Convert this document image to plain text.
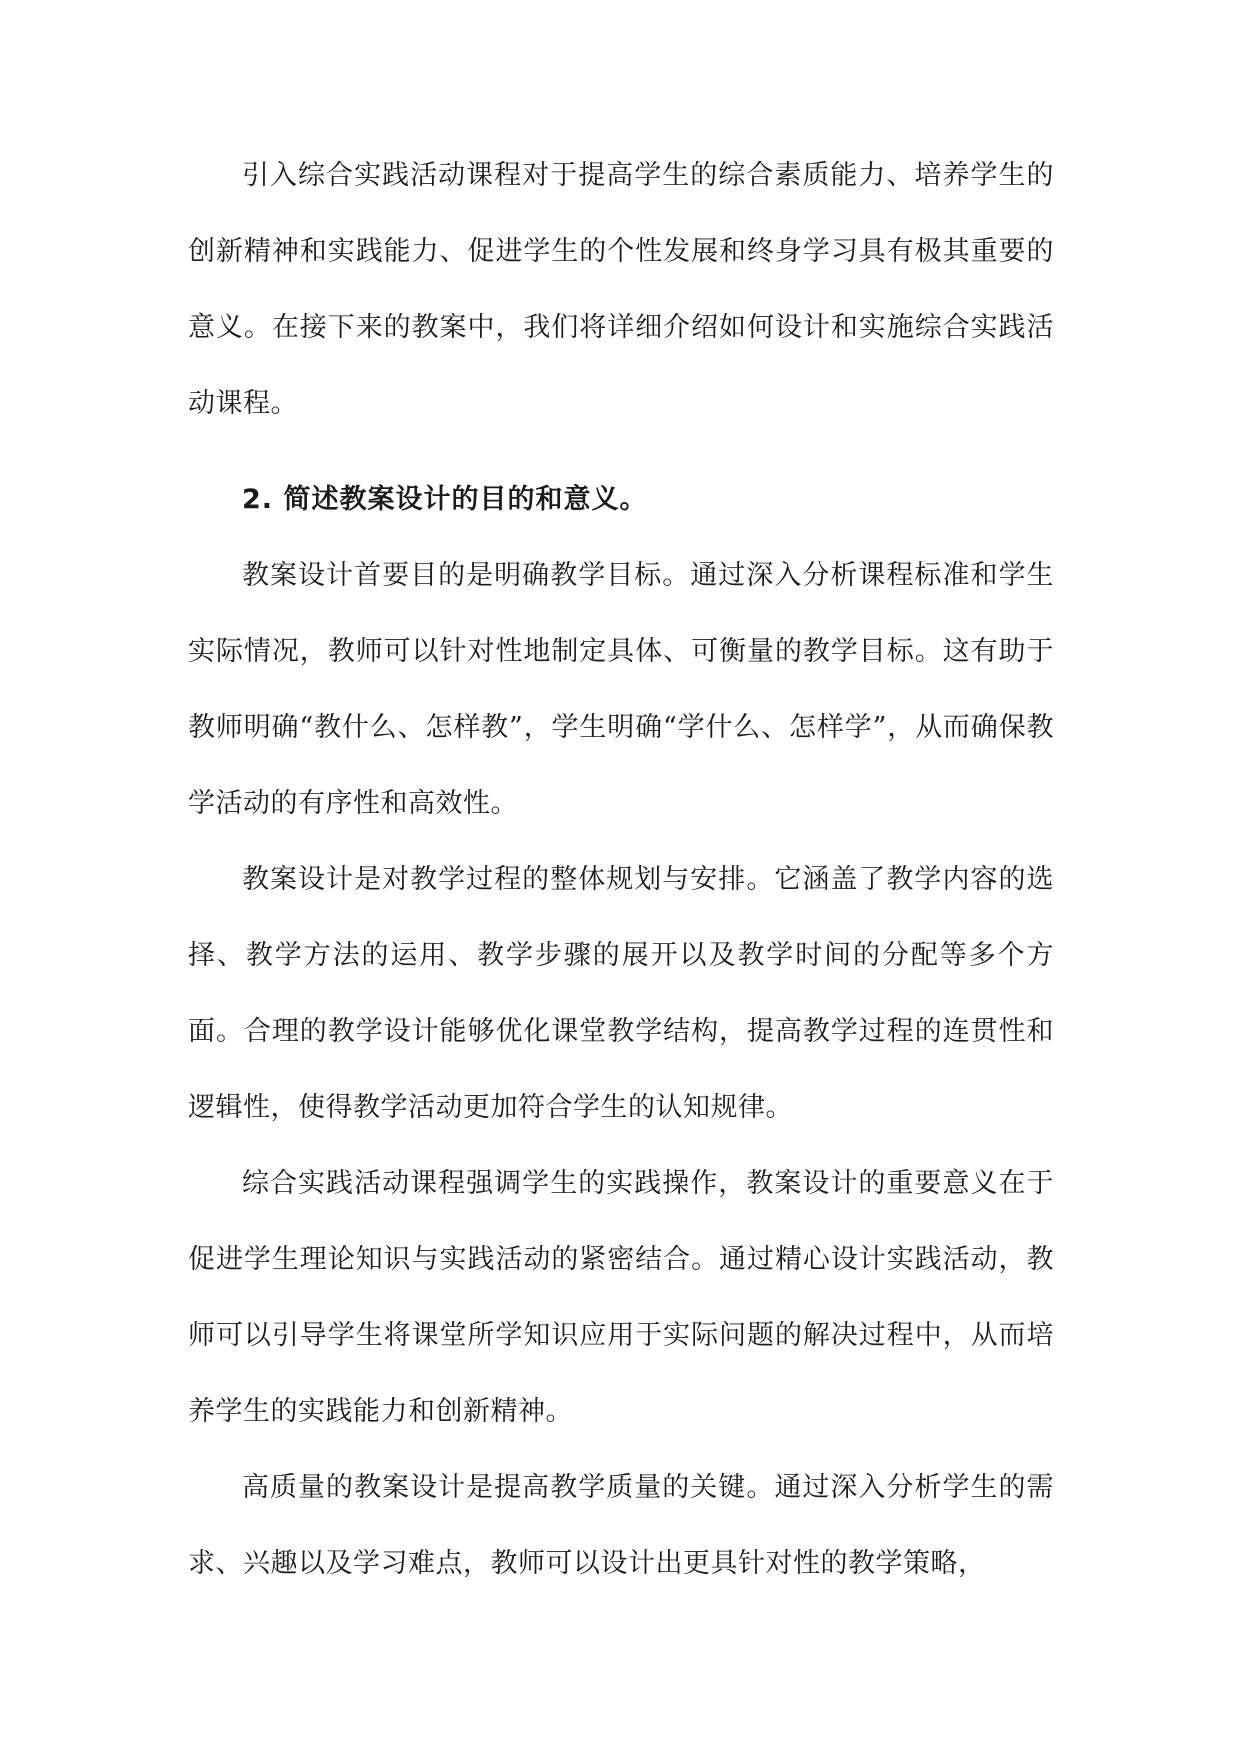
引入综合实践活动课程对于提高学生的综合素质能力、培养学生的创新精神和实践能力、促进学生的个性发展和终身学习具有极其重要的意义。在接下来的教案中，我们将详细介绍如何设计和实施综合实践活动课程。

2. 简述教案设计的目的和意义。

教案设计首要目的是明确教学目标。通过深入分析课程标准和学生实际情况，教师可以针对性地制定具体、可衡量的教学目标。这有助于教师明确“教什么、怎样教”，学生明确“学什么、怎样学”，从而确保教学活动的有序性和高效性。

教案设计是对教学过程的整体规划与安排。它涵盖了教学内容的选择、教学方法的运用、教学步骤的展开以及教学时间的分配等多个方面。合理的教学设计能够优化课堂教学结构，提高教学过程的连贯性和逻辑性，使得教学活动更加符合学生的认知规律。

综合实践活动课程强调学生的实践操作，教案设计的重要意义在于促进学生理论知识与实践活动的紧密结合。通过精心设计实践活动，教师可以引导学生将课堂所学知识应用于实际问题的解决过程中，从而培养学生的实践能力和创新精神。

高质量的教案设计是提高教学质量的关键。通过深入分析学生的需求、兴趣以及学习难点，教师可以设计出更具针对性的教学策略，
